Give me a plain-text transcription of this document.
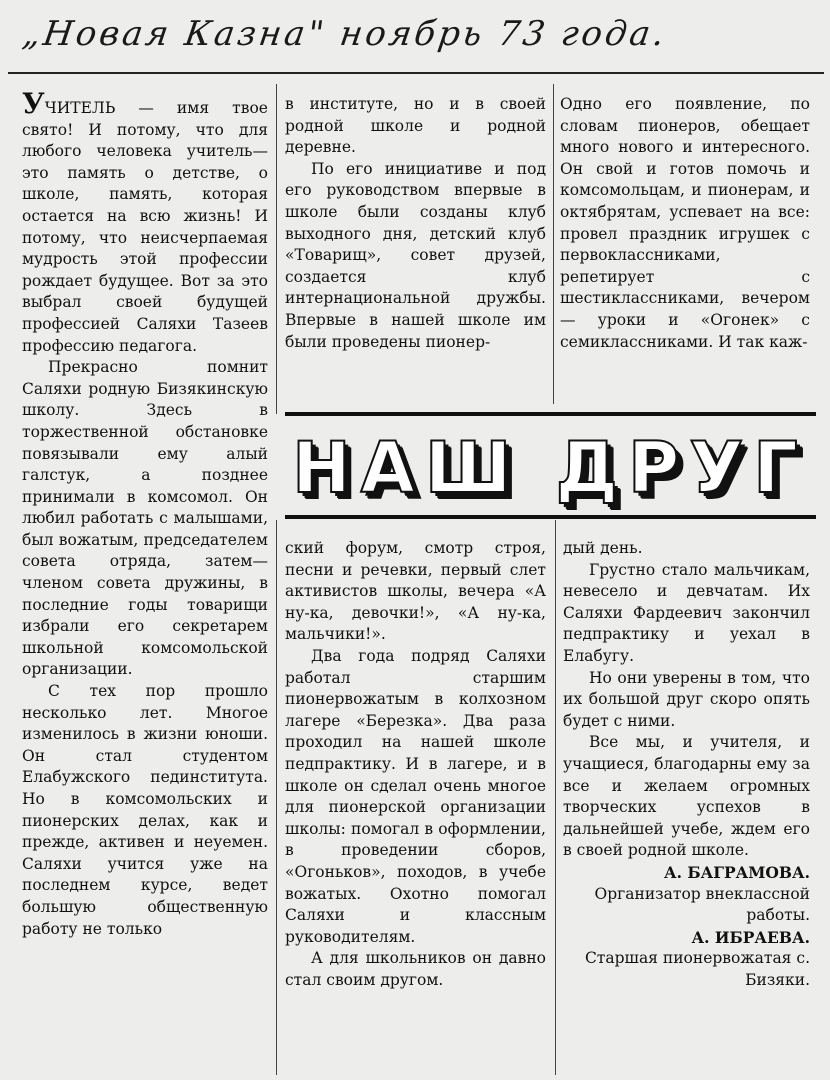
„Новая Казна" ноябрь 73 года.

УЧИТЕЛЬ — имя твое свято! И потому, что для любого человека учитель—это память о детстве, о школе, память, которая остается на всю жизнь! И потому, что неисчерпаемая мудрость этой профессии рождает будущее. Вот за это выбрал своей будущей профессией Саляхи Тазеев профессию педагога.

Прекрасно помнит Саляхи родную Бизякинскую школу. Здесь в торжественной обстановке повязывали ему алый галстук, а позднее принимали в комсомол. Он любил работать с малышами, был вожатым, председателем совета отряда, затем—членом совета дружины, в последние годы товарищи избрали его секретарем школьной комсомольской организации.

С тех пор прошло несколько лет. Многое изменилось в жизни юноши. Он стал студентом Елабужского пединститута. Но в комсомольских и пионерских делах, как и прежде, активен и неуемен. Саляхи учится уже на последнем курсе, ведет большую общественную работу не только

в институте, но и в своей родной школе и родной деревне.

По его инициативе и под его руководством впервые в школе были созданы клуб выходного дня, детский клуб «Товарищ», совет друзей, создается клуб интернациональной дружбы. Впервые в нашей школе им были проведены пионер-

Одно его появление, по словам пионеров, обещает много нового и интересного. Он свой и готов помочь и комсомольцам, и пионерам, и октябрятам, успевает на все: провел праздник игрушек с первоклассниками, репетирует с шестиклассниками, вечером — уроки и «Огонек» с семиклассниками. И так каж-

НАШ ДРУГ

ский форум, смотр строя, песни и речевки, первый слет активистов школы, вечера «А ну-ка, девочки!», «А ну-ка, мальчики!».

Два года подряд Саляхи работал старшим пионервожатым в колхозном лагере «Березка». Два раза проходил на нашей школе педпрактику. И в лагере, и в школе он сделал очень многое для пионерской организации школы: помогал в оформлении, в проведении сборов, «Огоньков», походов, в учебе вожатых. Охотно помогал Саляхи и классным руководителям.

А для школьников он давно стал своим другом.

дый день.

Грустно стало мальчикам, невесело и девчатам. Их Саляхи Фардеевич закончил педпрактику и уехал в Елабугу.

Но они уверены в том, что их большой друг скоро опять будет с ними.

Все мы, и учителя, и учащиеся, благодарны ему за все и желаем огромных творческих успехов в дальнейшей учебе, ждем его в своей родной школе.

А. БАГРАМОВА.

Организатор внеклассной работы.

А. ИБРАЕВА.

Старшая пионервожатая с. Бизяки.
